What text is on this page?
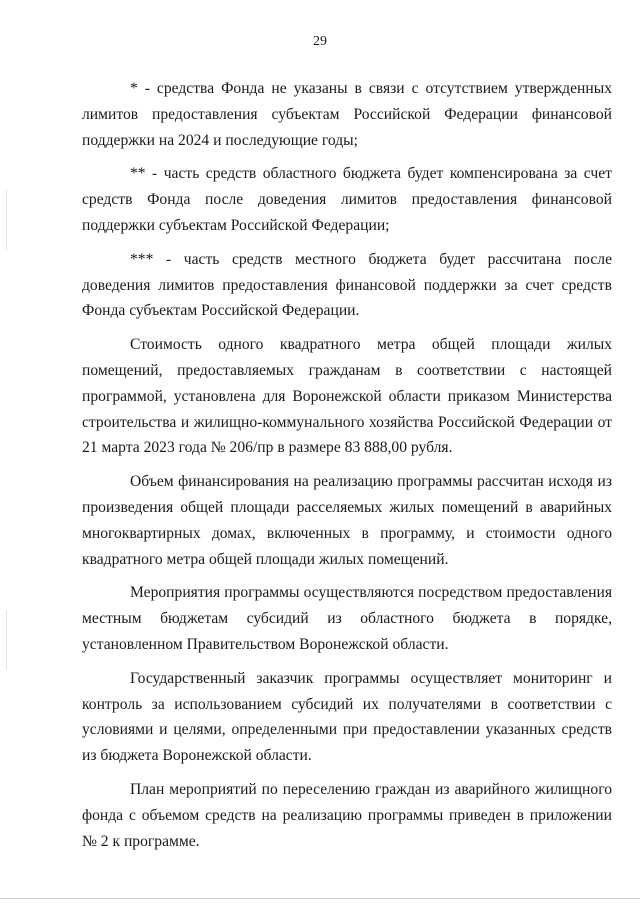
29

* - средства Фонда не указаны в связи с отсутствием утвержденных лимитов предоставления субъектам Российской Федерации финансовой поддержки на 2024 и последующие годы;

** - часть средств областного бюджета будет компенсирована за счет средств Фонда после доведения лимитов предоставления финансовой поддержки субъектам Российской Федерации;

*** - часть средств местного бюджета будет рассчитана после доведения лимитов предоставления финансовой поддержки за счет средств Фонда субъектам Российской Федерации.

Стоимость одного квадратного метра общей площади жилых помещений, предоставляемых гражданам в соответствии с настоящей программой, установлена для Воронежской области приказом Министерства строительства и жилищно-коммунального хозяйства Российской Федерации от 21 марта 2023 года № 206/пр в размере 83 888,00 рубля.

Объем финансирования на реализацию программы рассчитан исходя из произведения общей площади расселяемых жилых помещений в аварийных многоквартирных домах, включенных в программу, и стоимости одного квадратного метра общей площади жилых помещений.

Мероприятия программы осуществляются посредством предоставления местным бюджетам субсидий из областного бюджета в порядке, установленном Правительством Воронежской области.

Государственный заказчик программы осуществляет мониторинг и контроль за использованием субсидий их получателями в соответствии с условиями и целями, определенными при предоставлении указанных средств из бюджета Воронежской области.

План мероприятий по переселению граждан из аварийного жилищного фонда с объемом средств на реализацию программы приведен в приложении № 2 к программе.
